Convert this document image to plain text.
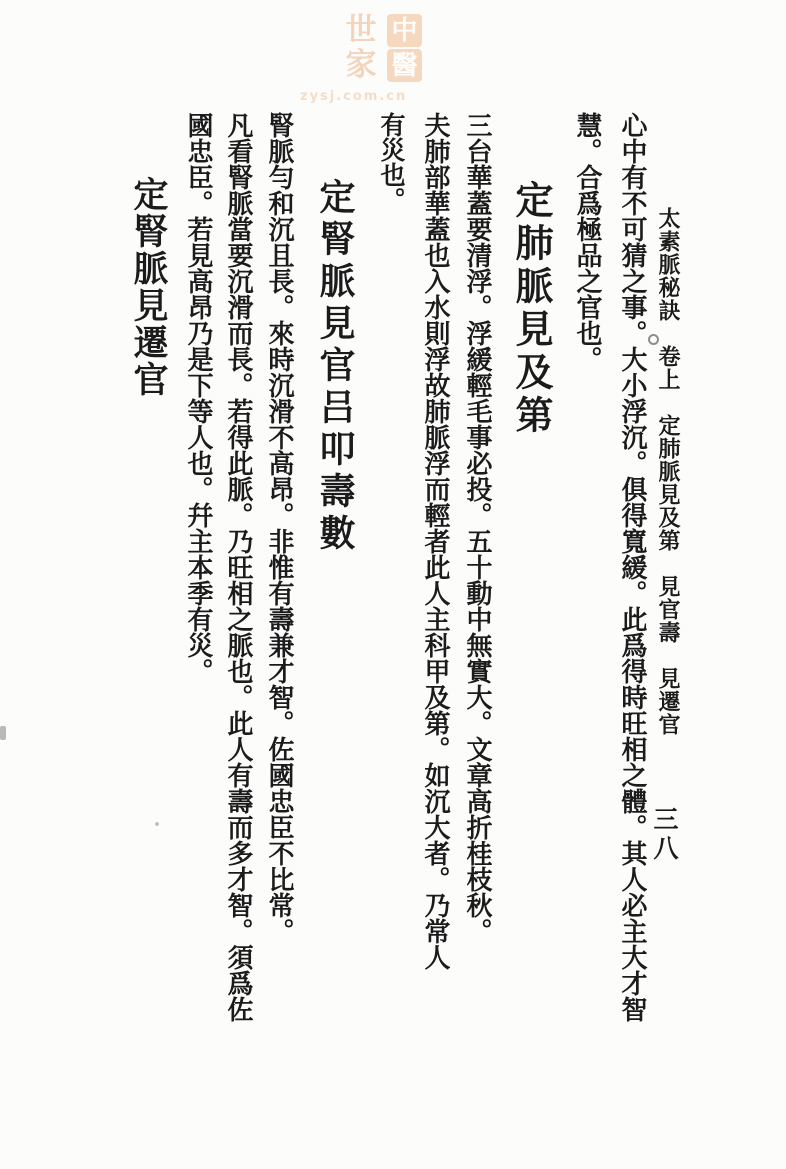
中
醫
世
家
zysj.com.cn
太素脈秘訣　卷上　定肺脈見及第　見官壽　見遷官
三八
心中有不可猜之事。大小浮沉。俱得寬緩。此爲得時旺相之體。其人必主大才智
慧。合爲極品之官也。
定肺脈見及第
三台華蓋要清浮。浮緩輕毛事必投。五十動中無實大。文章高折桂枝秋。
夫肺部華蓋也入水則浮故肺脈浮而輕者此人主科甲及第。如沉大者。乃常人
有災也。
定腎脈見官吕叩壽數
腎脈勻和沉且長。來時沉滑不高昂。非惟有壽兼才智。佐國忠臣不比常。
凡看腎脈當要沉滑而長。若得此脈。乃旺相之脈也。此人有壽而多才智。須爲佐
國忠臣。若見高昂乃是下等人也。幷主本季有災。
定腎脈見遷官
